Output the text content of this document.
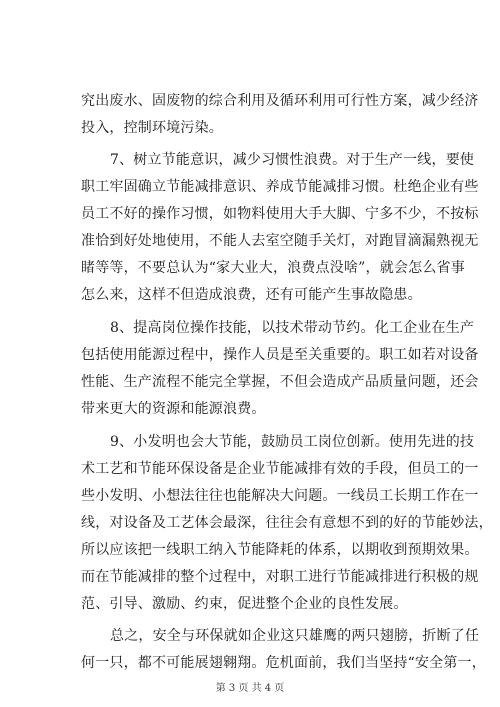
究出废水、固废物的综合利用及循环利用可行性方案，减少经济
投入，控制环境污染。
7、树立节能意识，减少习惯性浪费。对于生产一线，要使
职工牢固确立节能减排意识、养成节能减排习惯。杜绝企业有些
员工不好的操作习惯，如物料使用大手大脚、宁多不少，不按标
准恰到好处地使用，不能人去室空随手关灯，对跑冒滴漏熟视无
睹等等，不要总认为“家大业大，浪费点没啥”，就会怎么省事
怎么来，这样不但造成浪费，还有可能产生事故隐患。
8、提高岗位操作技能，以技术带动节约。化工企业在生产
包括使用能源过程中，操作人员是至关重要的。职工如若对设备
性能、生产流程不能完全掌握，不但会造成产品质量问题，还会
带来更大的资源和能源浪费。
9、小发明也会大节能，鼓励员工岗位创新。使用先进的技
术工艺和节能环保设备是企业节能减排有效的手段，但员工的一
些小发明、小想法往往也能解决大问题。一线员工长期工作在一
线，对设备及工艺体会最深，往往会有意想不到的好的节能妙法，
所以应该把一线职工纳入节能降耗的体系，以期收到预期效果。
而在节能减排的整个过程中，对职工进行节能减排进行积极的规
范、引导、激励、约束，促进整个企业的良性发展。
总之，安全与环保就如企业这只雄鹰的两只翅膀，折断了任
何一只，都不可能展翅翱翔。危机面前，我们当坚持“安全第一，
第 3 页 共 4 页
